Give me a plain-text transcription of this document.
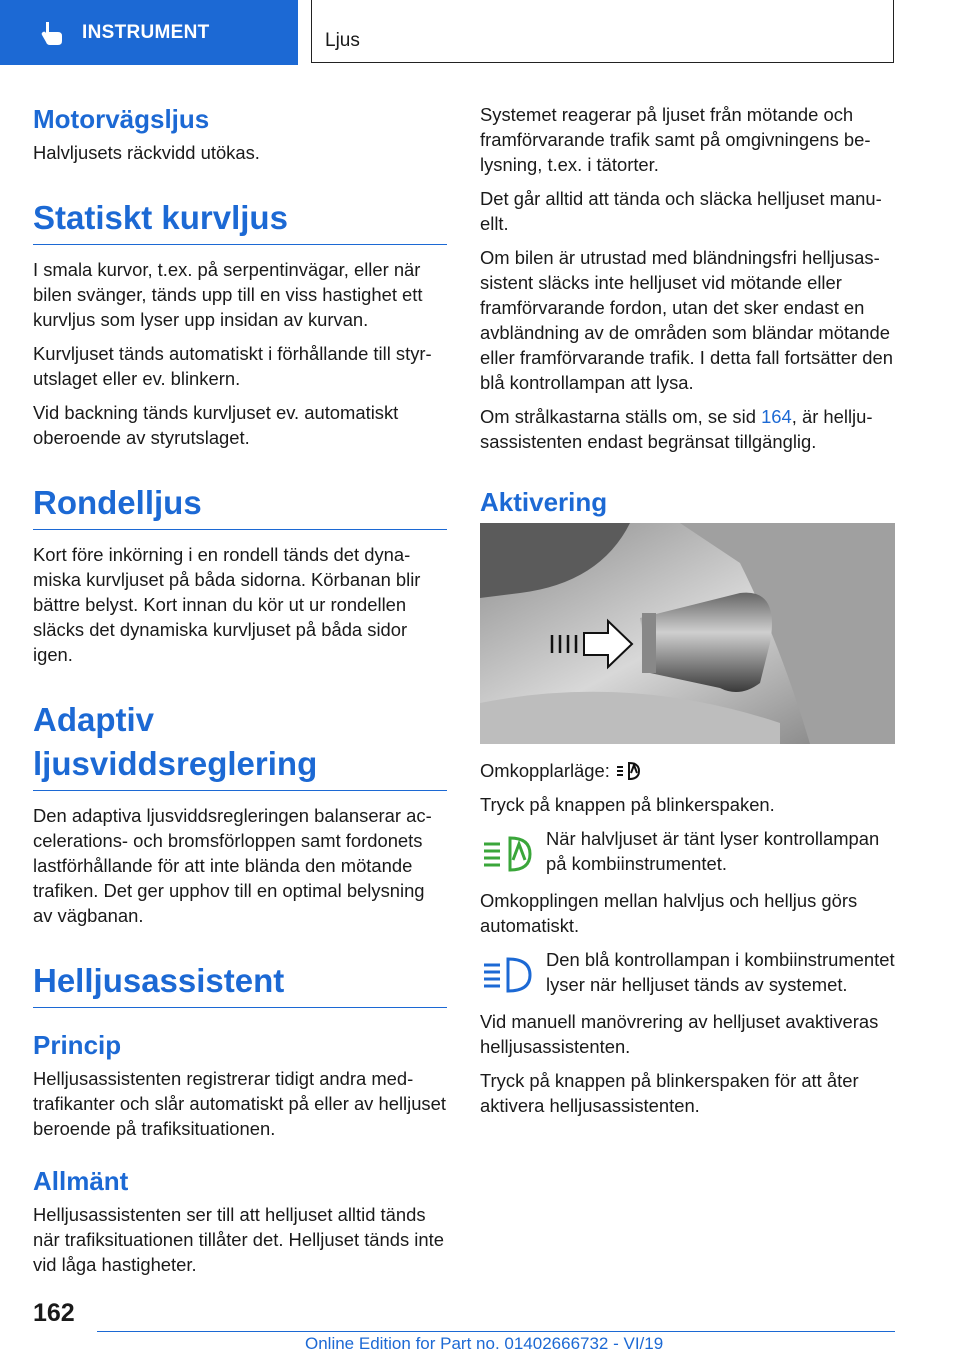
INSTRUMENT	Ljus
Motorvägsljus

Halvljusets räckvidd utökas.

Statiskt kurvljus

I smala kurvor, t.ex. på serpentinvägar, eller när bilen svänger, tänds upp till en viss hastighet ett kurvljus som lyser upp insidan av kurvan.

Kurvljuset tänds automatiskt i förhållande till styrutslaget eller ev. blinkern.

Vid backning tänds kurvljuset ev. automatiskt oberoende av styrutslaget.

Rondelljus

Kort före inkörning i en rondell tänds det dynamiska kurvljuset på båda sidorna. Körbanan blir bättre belyst. Kort innan du kör ut ur rondellen släcks det dynamiska kurvljuset på båda sidor igen.

Adaptiv ljusviddsreglering

Den adaptiva ljusviddsregleringen balanserar accelerations- och bromsförloppen samt fordonets lastförhållande för att inte blända den mötande trafiken. Det ger upphov till en optimal belysning av vägbanan.

Helljusassistent
Princip

Helljusassistenten registrerar tidigt andra medtrafikanter och slår automatiskt på eller av helljuset beroende på trafiksituationen.

Allmänt

Helljusassistenten ser till att helljuset alltid tänds när trafiksituationen tillåter det. Helljuset tänds inte vid låga hastigheter.

Systemet reagerar på ljuset från mötande och framförvarande trafik samt på omgivningens belysning, t.ex. i tätorter.

Det går alltid att tända och släcka helljuset manuellt.

Om bilen är utrustad med bländningsfri helljusassistent släcks inte helljuset vid mötande eller framförvarande fordon, utan det sker endast en avbländning av de områden som bländar mötande eller framförvarande trafik. I detta fall fortsätter den blå kontrollampan att lysa.

Om strålkastarna ställs om, se sid 164, är helljusassistenten endast begränsat tillgänglig.

Aktivering

Omkopplarläge:

Tryck på knappen på blinkerspaken.

När halvljuset är tänt lyser kontrollampan på kombiinstrumentet.

Omkopplingen mellan halvljus och helljus görs automatiskt.

Den blå kontrollampan i kombiinstrumentet lyser när helljuset tänds av systemet.

Vid manuell manövrering av helljuset avaktiveras helljusassistenten.

Tryck på knappen på blinkerspaken för att åter aktivera helljusassistenten.

162
Online Edition for Part no. 01402666732 - VI/19
